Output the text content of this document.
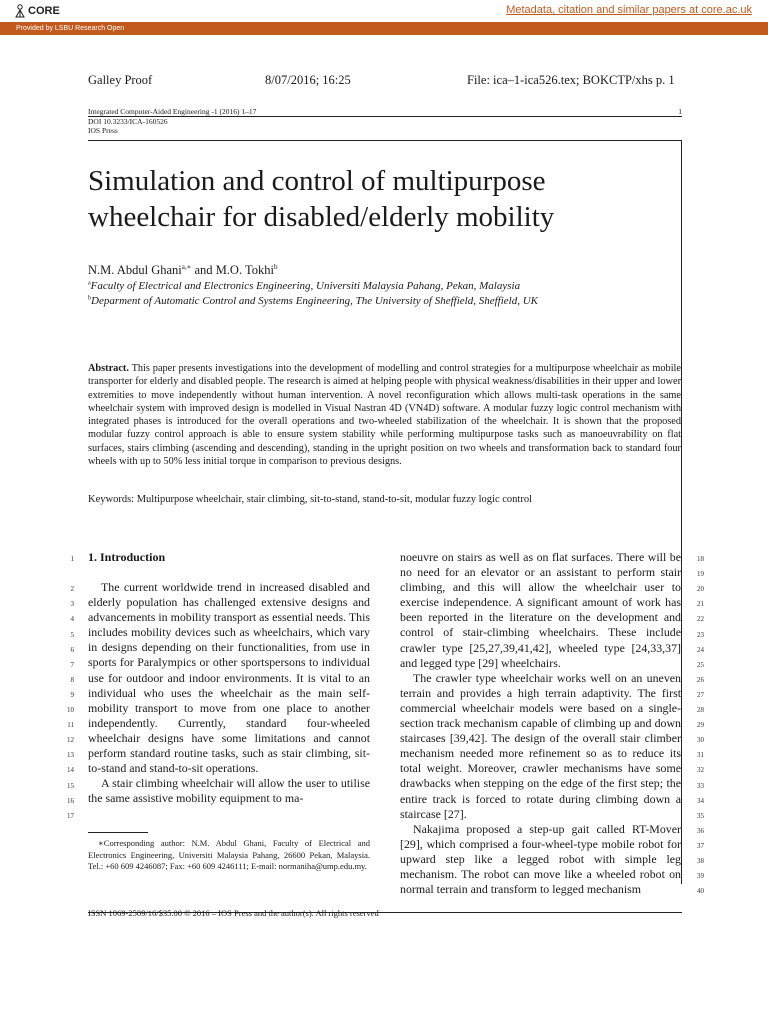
CORE	Metadata, citation and similar papers at core.ac.uk
Provided by LSBU Research Open
Galley Proof	8/07/2016; 16:25	File: ica–1-ica526.tex; BOKCTP/xhs p. 1
Integrated Computer-Aided Engineering -1 (2016) 1–17	1
DOI 10.3233/ICA-160526
IOS Press
Simulation and control of multipurpose
wheelchair for disabled/elderly mobility
N.M. Abdul Ghani$^{a,∗}$ and M.O. Tokhi$^b$
$^a$Faculty of Electrical and Electronics Engineering, Universiti Malaysia Pahang, Pekan, Malaysia
$^b$Deparment of Automatic Control and Systems Engineering, The University of Sheffield, Sheffield, UK
Abstract. This paper presents investigations into the development of modelling and control strategies for a multipurpose wheelchair as mobile transporter for elderly and disabled people. The research is aimed at helping people with physical weakness/disabilities in their upper and lower extremities to move independently without human intervention. A novel reconfiguration which allows multi-task operations in the same wheelchair system with improved design is modelled in Visual Nastran 4D (VN4D) software. A modular fuzzy logic control mechanism with integrated phases is introduced for the overall operations and two-wheeled stabilization of the wheelchair. It is shown that the proposed modular fuzzy control approach is able to ensure system stability while performing multipurpose tasks such as manoeuvrability on flat surfaces, stairs climbing (ascending and descending), standing in the upright position on two wheels and transformation back to standard four wheels with up to 50% less initial torque in comparison to previous designs.
Keywords: Multipurpose wheelchair, stair climbing, sit-to-stand, stand-to-sit, modular fuzzy logic control
1. Introduction

The current worldwide trend in increased disabled and elderly population has challenged extensive designs and advancements in mobility transport as essential needs. This includes mobility devices such as wheelchairs, which vary in designs depending on their functionalities, from use in sports for Paralympics or other sportspersons to individual use for outdoor and indoor environments. It is vital to an individual who uses the wheelchair as the main self-mobility transport to move from one place to another independently. Currently, standard four-wheeled wheelchair designs have some limitations and cannot perform standard routine tasks, such as stair climbing, sit-to-stand and stand-to-sit operations.

A stair climbing wheelchair will allow the user to utilise the same assistive mobility equipment to ma-

noeuvre on stairs as well as on flat surfaces. There will be no need for an elevator or an assistant to perform stair climbing, and this will allow the wheelchair user to exercise independence. A significant amount of work has been reported in the literature on the development and control of stair-climbing wheelchairs. These include crawler type [25,27,39,41,42], wheeled type [24,33,37] and legged type [29] wheelchairs.

The crawler type wheelchair works well on an uneven terrain and provides a high terrain adaptivity. The first commercial wheelchair models were based on a single-section track mechanism capable of climbing up and down staircases [39,42]. The design of the overall stair climber mechanism needed more refinement so as to reduce its total weight. Moreover, crawler mechanisms have some drawbacks when stepping on the edge of the first step; the entire track is forced to rotate during climbing down a staircase [27].

Nakajima proposed a step-up gait called RT-Mover [29], which comprised a four-wheel-type mobile robot for upward step like a legged robot with simple leg mechanism. The robot can move like a wheeled robot on normal terrain and transform to legged mechanism

1
2
3
4
5
6
7
8
9
10
11
12
13
14
15
16
17
18
19
20
21
22
23
24
25
26
27
28
29
30
31
32
33
34
35
36
37
38
39
40

∗Corresponding author: N.M. Abdul Ghani, Faculty of Electrical and Electronics Engineering, Universiti Malaysia Pahang, 26600 Pekan, Malaysia. Tel.: +60 609 4246087; Fax: +60 609 4246111; E-mail: normaniha@ump.edu.my.

ISSN 1069-2509/16/$35.00 © 2016 – IOS Press and the author(s). All rights reserved
